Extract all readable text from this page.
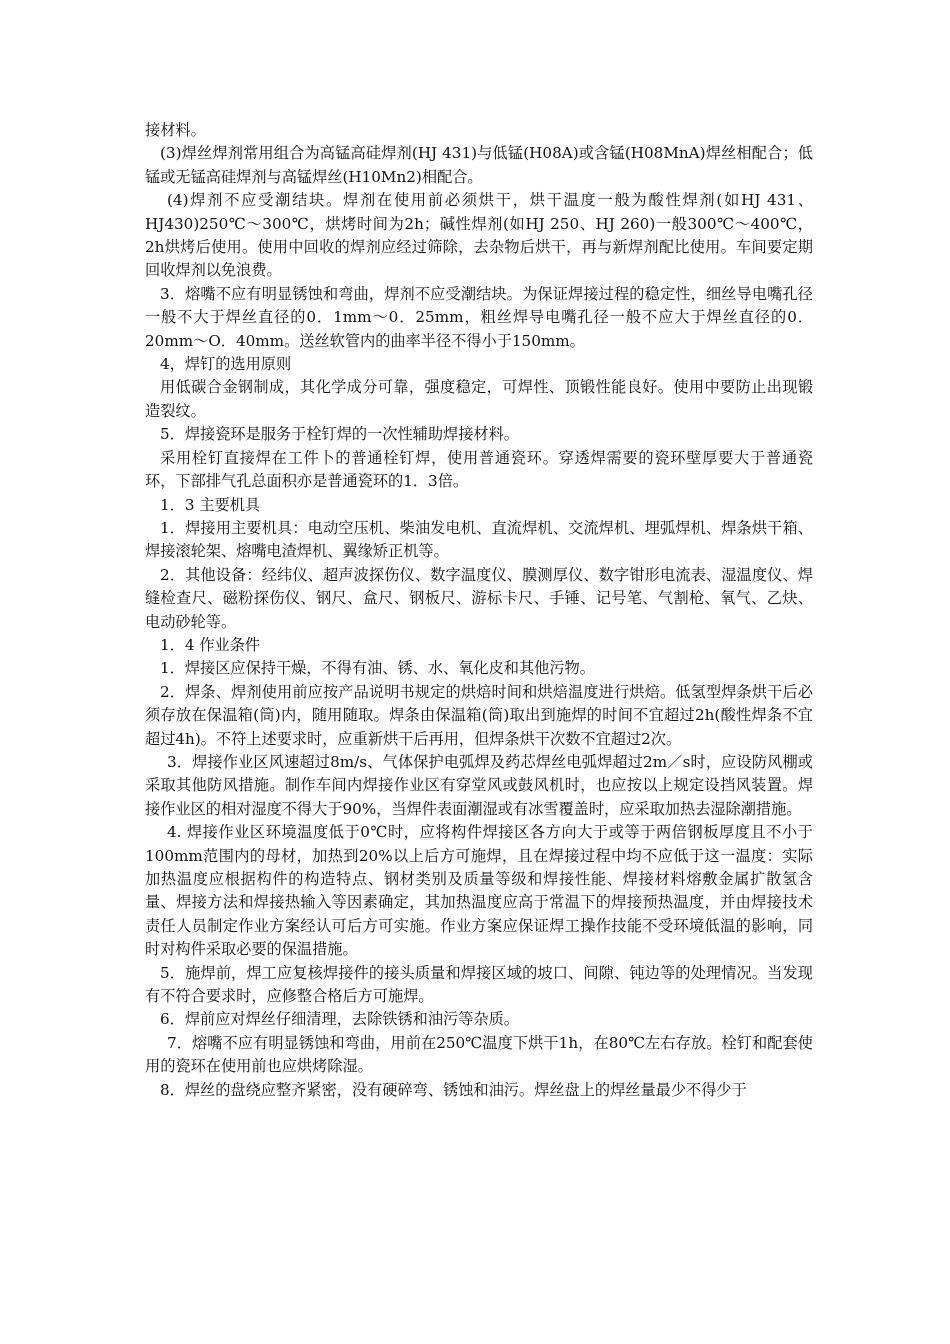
接材料。

(3)焊丝焊剂常用组合为高锰高硅焊剂(HJ 431)与低锰(H08A)或含锰(H08MnA)焊丝相配合；低锰或无锰高硅焊剂与高锰焊丝(H10Mn2)相配合。

(4)焊剂不应受潮结块。焊剂在使用前必须烘干，烘干温度一般为酸性焊剂(如HJ 431、HJ430)250℃～300℃，烘烤时间为2h；碱性焊剂(如HJ 250、HJ 260)一般300℃～400℃，2h烘烤后使用。使用中回收的焊剂应经过筛除，去杂物后烘干，再与新焊剂配比使用。车间要定期回收焊剂以免浪费。

3．熔嘴不应有明显锈蚀和弯曲，焊剂不应受潮结块。为保证焊接过程的稳定性，细丝导电嘴孔径一般不大于焊丝直径的0．1mm～0．25mm，粗丝焊导电嘴孔径一般不应大于焊丝直径的0．20mm～O．40mm。送丝软管内的曲率半径不得小于150mm。

4，焊钉的选用原则

用低碳合金钢制成，其化学成分可靠，强度稳定，可焊性、顶锻性能良好。使用中要防止出现锻造裂纹。

5．焊接瓷环是服务于栓钉焊的一次性辅助焊接材料。

采用栓钉直接焊在工件卜的普通栓钉焊，使用普通瓷环。穿透焊需要的瓷环壁厚要大于普通瓷环，下部排气孔总面积亦是普通瓷环的1．3倍。

1．3 主要机具

1．焊接用主要机具：电动空压机、柴油发电机、直流焊机、交流焊机、埋弧焊机、焊条烘干箱、焊接滚轮架、熔嘴电渣焊机、翼缘矫正机等。

2．其他设备：经纬仪、超声波探伤仪、数字温度仪、膜测厚仪、数字钳形电流表、湿温度仪、焊缝检查尺、磁粉探伤仪、钢尺、盒尺、钢板尺、游标卡尺、手锤、记号笔、气割枪、氧气、乙炔、电动砂轮等。

1．4 作业条件

1．焊接区应保持干燥，不得有油、锈、水、氧化皮和其他污物。

2．焊条、焊剂使用前应按产品说明书规定的烘焙时间和烘焙温度进行烘焙。低氢型焊条烘干后必须存放在保温箱(筒)内，随用随取。焊条由保温箱(筒)取出到施焊的时间不宜超过2h(酸性焊条不宜超过4h)。不符上述要求时，应重新烘干后再用，但焊条烘干次数不宜超过2次。

3．焊接作业区风速超过8m/s、气体保护电弧焊及药芯焊丝电弧焊超过2m／s时，应设防风棚或采取其他防风措施。制作车间内焊接作业区有穿堂风或鼓风机时，也应按以上规定设挡风装置。焊接作业区的相对湿度不得大于90%，当焊件表面潮湿或有冰雪覆盖时，应采取加热去湿除潮措施。

4. 焊接作业区环境温度低于0℃时，应将构件焊接区各方向大于或等于两倍钢板厚度且不小于100mm范围内的母材，加热到20%以上后方可施焊，且在焊接过程中均不应低于这一温度：实际加热温度应根据构件的构造特点、钢材类别及质量等级和焊接性能、焊接材料熔敷金属扩散氢含量、焊接方法和焊接热输入等因素确定，其加热温度应高于常温下的焊接预热温度，并由焊接技术责任人员制定作业方案经认可后方可实施。作业方案应保证焊工操作技能不受环境低温的影响，同时对构件采取必要的保温措施。

5．施焊前，焊工应复核焊接件的接头质量和焊接区域的坡口、间隙、钝边等的处理情况。当发现有不符合要求时，应修整合格后方可施焊。

6．焊前应对焊丝仔细清理，去除铁锈和油污等杂质。

7．熔嘴不应有明显锈蚀和弯曲，用前在250℃温度下烘干1h，在80℃左右存放。栓钉和配套使用的瓷环在使用前也应烘烤除湿。

8．焊丝的盘绕应整齐紧密，没有硬碎弯、锈蚀和油污。焊丝盘上的焊丝量最少不得少于
